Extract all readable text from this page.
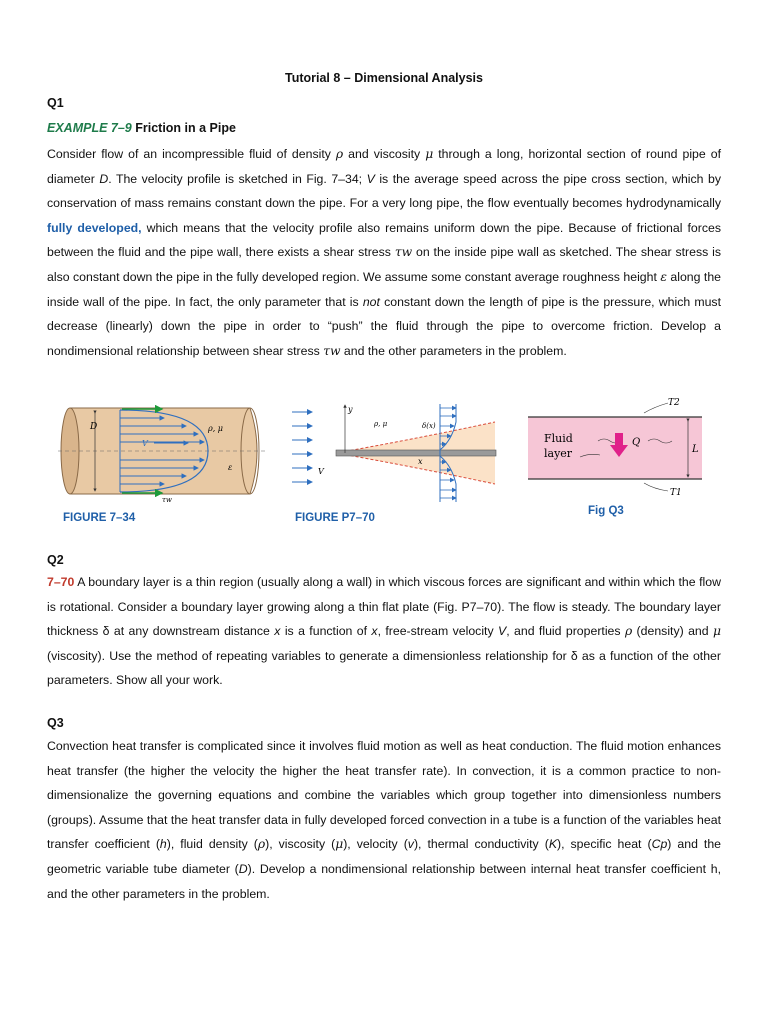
Tutorial 8 – Dimensional Analysis
Q1
EXAMPLE 7–9 Friction in a Pipe
Consider flow of an incompressible fluid of density ρ and viscosity μ through a long, horizontal section of round pipe of diameter D. The velocity profile is sketched in Fig. 7–34; V is the average speed across the pipe cross section, which by conservation of mass remains constant down the pipe. For a very long pipe, the flow eventually becomes hydrodynamically fully developed, which means that the velocity profile also remains uniform down the pipe. Because of frictional forces between the fluid and the pipe wall, there exists a shear stress τw on the inside pipe wall as sketched. The shear stress is also constant down the pipe in the fully developed region. We assume some constant average roughness height ε along the inside wall of the pipe. In fact, the only parameter that is not constant down the length of pipe is the pressure, which must decrease (linearly) down the pipe in order to “push” the fluid through the pipe to overcome friction. Develop a nondimensional relationship between shear stress τw and the other parameters in the problem.
D	ρ, μ
V
ε
τw
FIGURE 7–34
y
ρ, μ	δ(x)
x
V
FIGURE P7–70
T2
Fluid
layer
Q
L
T1
Fig Q3
Q2
7–70 A boundary layer is a thin region (usually along a wall) in which viscous forces are significant and within which the flow is rotational. Consider a boundary layer growing along a thin flat plate (Fig. P7–70). The flow is steady. The boundary layer thickness δ at any downstream distance x is a function of x, free-stream velocity V, and fluid properties ρ (density) and μ (viscosity). Use the method of repeating variables to generate a dimensionless relationship for δ as a function of the other parameters. Show all your work.
Q3
Convection heat transfer is complicated since it involves fluid motion as well as heat conduction. The fluid motion enhances heat transfer (the higher the velocity the higher the heat transfer rate). In convection, it is a common practice to non-dimensionalize the governing equations and combine the variables which group together into dimensionless numbers (groups). Assume that the heat transfer data in fully developed forced convection in a tube is a function of the variables heat transfer coefficient (h), fluid density (ρ), viscosity (μ), velocity (v), thermal conductivity (K), specific heat (Cp) and the geometric variable tube diameter (D). Develop a nondimensional relationship between internal heat transfer coefficient h, and the other parameters in the problem.
